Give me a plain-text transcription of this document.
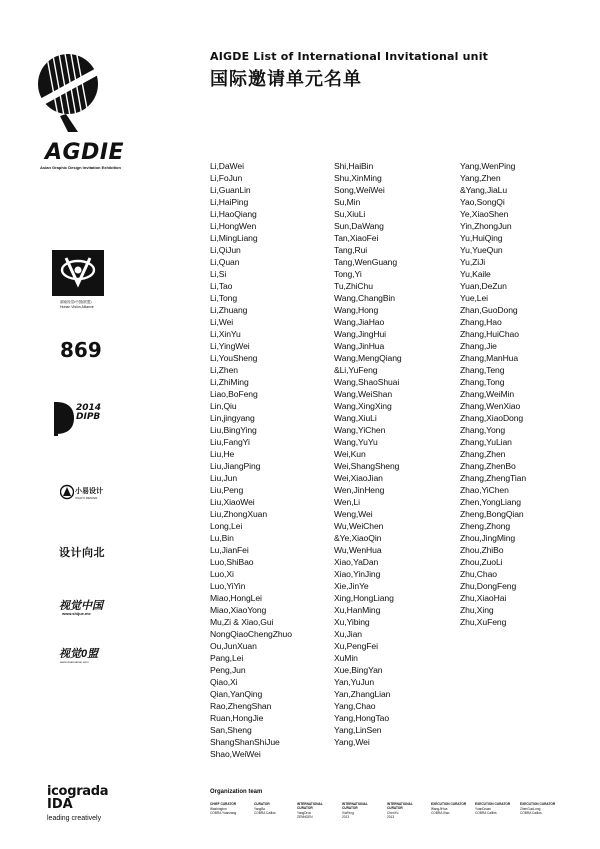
AIGDE List of International Invitational unit
国际邀请单元名单
AGDIE
Asian Graphic Design Invitation Exhibition
湖南视觉•中国(联盟) Hunan Vision Alliance
869
2014
DIPB
小易设计
XIAOYI DESIGN
设计向北
视觉中国
www.shijue.me
视觉0盟
www.visionunion.com
icograda
IDA
leading creatively
Li,DaWei
Li,FoJun
Li,GuanLin
Li,HaiPing
Li,HaoQiang
Li,HongWen
Li,MingLiang
Li,QiJun
Li,Quan
Li,Si
Li,Tao
Li,Tong
Li,Zhuang
Li,Wei
Li,XinYu
Li,YingWei
Li,YouSheng
Li,Zhen
Li,ZhiMing
Liao,BoFeng
Lin,Qiu
Lin,jingyang
Liu,BingYing
Liu,FangYi
Liu,He
Liu,JiangPing
Liu,Jun
Liu,Peng
Liu,XiaoWei
Liu,ZhongXuan
Long,Lei
Lu,Bin
Lu,JianFei
Luo,ShiBao
Luo,Xi
Luo,YiYin
Miao,HongLei
Miao,XiaoYong
Mu,Zi & Xiao,Gui
NongQiaoChengZhuo
Ou,JunXuan
Pang,Lei
Peng,Jun
Qiao,Xi
Qian,YanQing
Rao,ZhengShan
Ruan,HongJie
San,Sheng
ShangShanShiJue
Shao,WeiWei
Shi,HaiBin
Shu,XinMing
Song,WeiWei
Su,Min
Su,XiuLi
Sun,DaWang
Tan,XiaoFei
Tang,Rui
Tang,WenGuang
Tong,Yi
Tu,ZhiChu
Wang,ChangBin
Wang,Hong
Wang,JiaHao
Wang,JingHui
Wang,JinHua
Wang,MengQiang
&Li,YuFeng
Wang,ShaoShuai
Wang,WeiShan
Wang,XingXing
Wang,XiuLi
Wang,YiChen
Wang,YuYu
Wei,Kun
Wei,ShangSheng
Wei,XiaoJian
Wen,JinHeng
Wen,Li
Weng,Wei
Wu,WeiChen
&Ye,XiaoQin
Wu,WenHua
Xiao,YaDan
Xiao,YinJing
Xie,JinYe
Xing,HongLiang
Xu,HanMing
Xu,Yibing
Xu,Jian
Xu,PengFei
XuMin
Xue,BingYan
Yan,YuJun
Yan,ZhangLian
Yang,Chao
Yang,HongTao
Yang,LinSen
Yang,Wei
Yang,WenPing
Yang,Zhen
&Yang,JiaLu
Yao,SongQi
Ye,XiaoShen
Yin,ZhongJun
Yu,HuiQing
Yu,YueQun
Yu,ZiJi
Yu,Kaile
Yuan,DeZun
Yue,Lei
Zhan,GuoDong
Zhang,Hao
Zhang,HuiChao
Zhang,Jie
Zhang,ManHua
Zhang,Teng
Zhang,Tong
Zhang,WeiMin
Zhang,WenXiao
Zhang,XiaoDong
Zhang,Yong
Zhang,YuLian
Zhang,Zhen
Zhang,ZhenBo
Zhang,ZhengTian
Zhao,YiChen
Zhen,YongLiang
Zheng,BongQian
Zheng,Zhong
Zhou,JingMing
Zhou,ZhiBo
Zhou,ZuoLi
Zhu,Chao
Zhu,DongFeng
Zhu,XiaoHai
Zhu,Xing
Zhu,XuFeng
Organization team
CHIEF CURATOR
Washington
COBRA Yuanzang
CURATOR
YangBo
COBRA Callios
INTERNATIONAL CURATOR
YangDruo
ZENNOEN
INTERNATIONAL CURATOR
XiaFeng
2013
INTERNATIONAL CURATOR
ChenYu
2013
EXECUTION CURATOR
WangJiHua
COBRA Xiao
EXECUTION CURATOR
YuanDruan
COBRA Callios
EXECUTION CURATOR
ZhenGuoLong
COBRA Callios
